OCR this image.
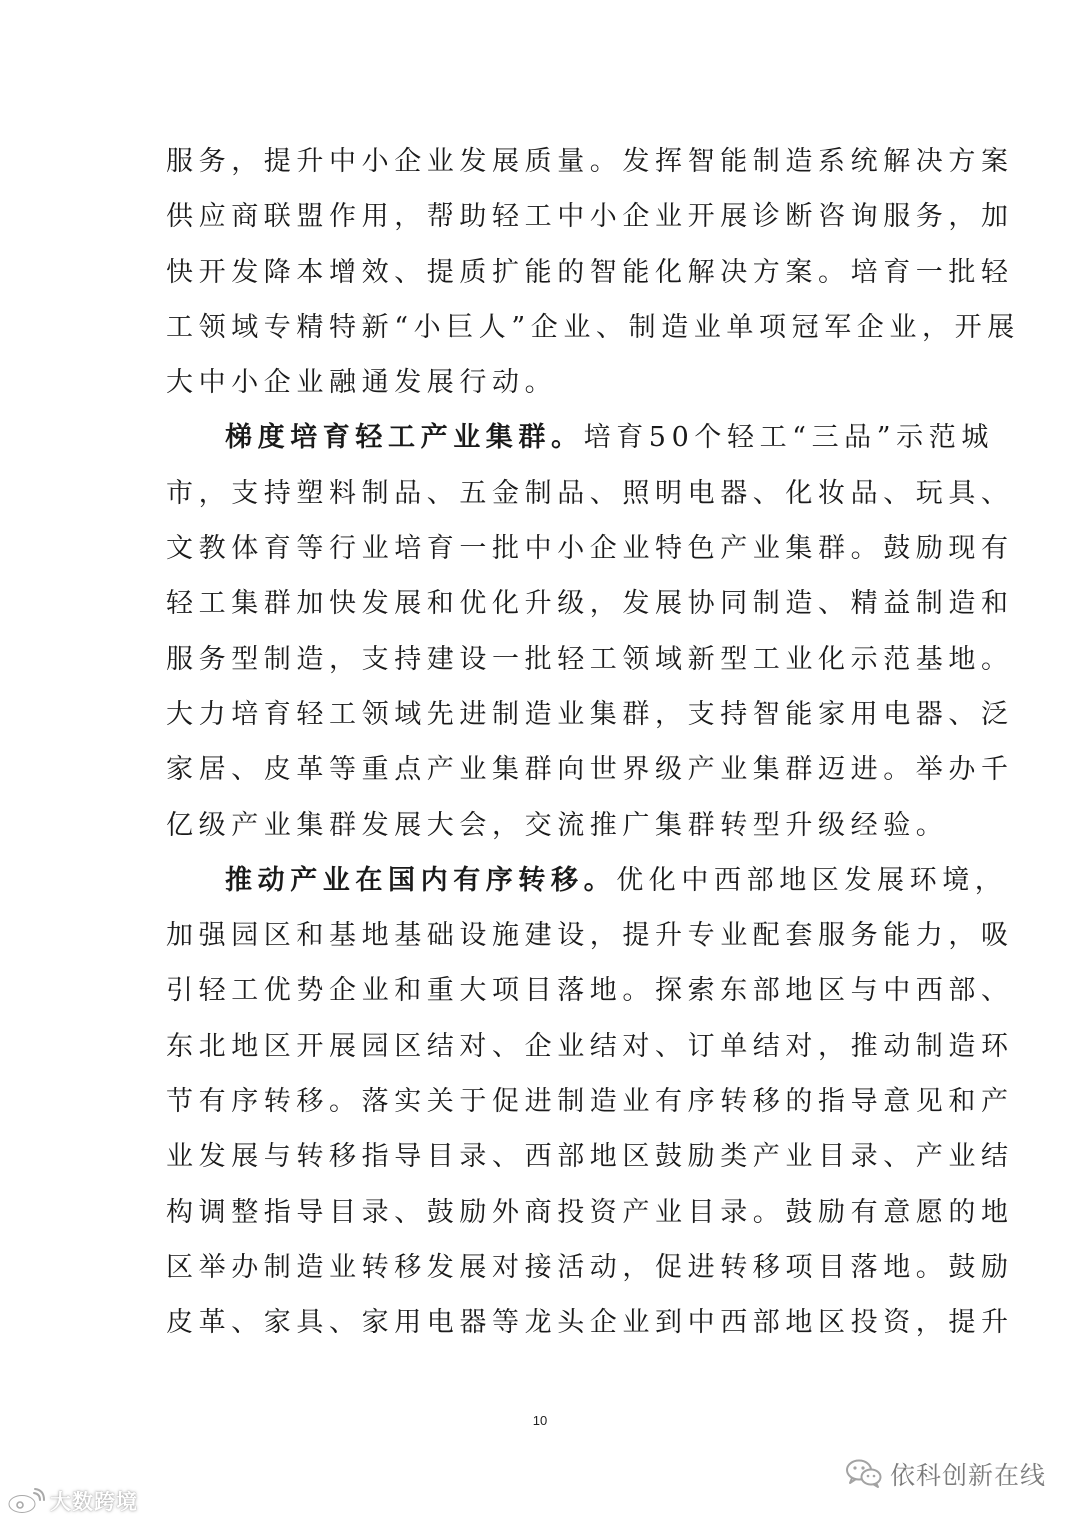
服务，提升中小企业发展质量。发挥智能制造系统解决方案
供应商联盟作用，帮助轻工中小企业开展诊断咨询服务，加
快开发降本增效、提质扩能的智能化解决方案。培育一批轻
工领域专精特新“小巨人”企业、制造业单项冠军企业，开展
大中小企业融通发展行动。
梯度培育轻工产业集群。培育50个轻工“三品”示范城
市，支持塑料制品、五金制品、照明电器、化妆品、玩具、
文教体育等行业培育一批中小企业特色产业集群。鼓励现有
轻工集群加快发展和优化升级，发展协同制造、精益制造和
服务型制造，支持建设一批轻工领域新型工业化示范基地。
大力培育轻工领域先进制造业集群，支持智能家用电器、泛
家居、皮革等重点产业集群向世界级产业集群迈进。举办千
亿级产业集群发展大会，交流推广集群转型升级经验。
推动产业在国内有序转移。优化中西部地区发展环境，
加强园区和基地基础设施建设，提升专业配套服务能力，吸
引轻工优势企业和重大项目落地。探索东部地区与中西部、
东北地区开展园区结对、企业结对、订单结对，推动制造环
节有序转移。落实关于促进制造业有序转移的指导意见和产
业发展与转移指导目录、西部地区鼓励类产业目录、产业结
构调整指导目录、鼓励外商投资产业目录。鼓励有意愿的地
区举办制造业转移发展对接活动，促进转移项目落地。鼓励
皮革、家具、家用电器等龙头企业到中西部地区投资，提升
10
依科创新在线
大数跨境
